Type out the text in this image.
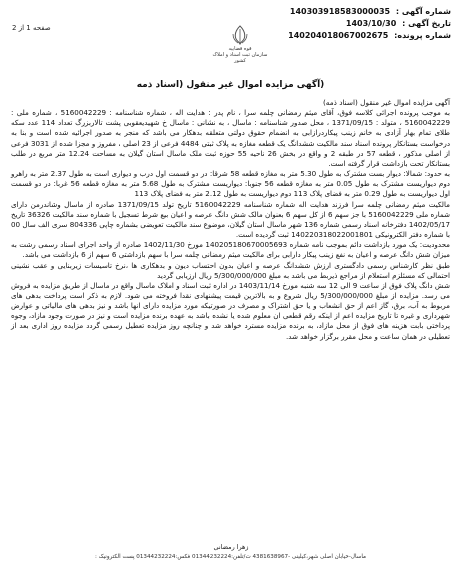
شماره آگهی : 140303918583000035
تاریخ آگهی : 1403/10/30
شماره پرونده: 140204018067002675
قوه قضاییه
سازمان ثبت اسناد و املاک کشور
صفحه 1 از 2
(آگهی مزایده اموال غیر منقول (اسناد ذمه

آگهی مزایده اموال غیر منقول (اسناد ذمه)

به موجب پرونده اجرائی کلاسه فوق، آقای میثم رمضانی چلمه سرا ، نام پدر : هدایت اله ، شماره شناسنامه : 5160042229 ، شماره ملی : 5160042229 ، متولد : 1371/09/15 ، محل صدور شناسنامه : ماسال ، به نشانی : ماسال خ شهیدیعقوبی پشت تالاربزرگ تعداد 114 عدد سکه طلای تمام بهار آزادی به خانم زینب پیکاردرازابی به انضمام حقوق دولتی متعلقه بدهکار می باشد که منجر به صدور اجرائیه شده است و بنا به درخواست بستانکار پرونده اسناد سند مالکیت ششدانگ یک قطعه مغازه به پلاک ثبتی 4484 فرعی از 23 اصلی ، مفروز و مجزا شده از 3031 فرعی از اصلی مذکور ، قطعه 57 در طبقه 2 و واقع در بخش 26 ناحیه 55 حوزه ثبت ملک ماسال استان گیلان به مساحت 12.24 متر مربع در طلب بستانکار تحت بازداشت قرار گرفته است.

به حدود: شمالا: دیوار بست مشترک به طول 5.30 متر به مغازه قطعه 58 شرقا: در دو قسمت اول درب و دیواری است به طول 2.37 متر به راهرو دوم دیواریست مشترک به طول 0.05 متر به مغازه قطعه 56 جنوبا: دیواریست مشترک به طول 5.68 متر به مغازه قطعه 56 غربا: در دو قسمت اول دیواریست به طول 0.29 متر به فضای پلاک 113 دوم دیواریست به طول 2.12 متر به فضای پلاک 113

مالکیت میثم رمضانی چلمه سرا فرزند هدایت اله شماره شناسنامه 5160042229 تاریخ تولد 1371/09/15 صادره از ماسال وشاندرمن دارای شماره ملی 5160042229 با جز سهم 6 از کل سهم 6 بعنوان مالک شش دانگ عرصه و اعیان بیع شرط تسجیل با شماره سند مالکیت 36326 تاریخ 1402/05/17 دفترخانه اسناد رسمی شماره 136 شهر ماسال استان گیلان، موضوع سند مالکیت تعویضی بشماره چاپی 804336 سری الف سال 00 با شماره دفتر الکترونیکی 140220318022001801 ثبت گردیده است.

محدودیت: یک مورد بازداشت دائم بموجب نامه شماره 140205180670005693 مورخ 1402/11/30 صادره از واحد اجرای اسناد رسمی رشت به میزان شش دانگ عرصه و اعیان به نفع زینب پیکار دارابی برای مالکیت میثم رمضانی چلمه سرا با سهم بازداشتی 6 سهم از 6 بازداشت می باشد.

طبق نظر کارشناس رسمی دادگستری ارزش ششدانگ عرصه و اعیان بدون احتساب دیون و بدهکاری ها ،نرخ تاسیسات زیربنایی و عقب نشینی احتمالی که مسئلزم استعلام از مراجع ذیربط می باشد به مبلغ 5/300/000/000 ریال ارزیابی گردید

شش دانگ پلاک فوق از ساعت 9 الی 12 سه شنبه مورخ 1403/11/14 در اداره ثبت اسناد و املاک ماسال واقع در ماسال از طریق مزایده به فروش می رسد. مزایده از مبلغ 5/300/000/000 ریال شروع و به بالاترین قیمت پیشنهادی نقدا فروخته می شود. لازم به ذکر است پرداخت بدهی های مربوط به آب، برق، گاز اعم از حق انشعاب و یا حق اشتراک و مصرف در صورتیکه مورد مزایده دارای انها باشد و نیز بدهی های مالیاتی و عوارض شهرداری و غیره تا تاریخ مزایده اعم از اینکه رقم قطعی ان معلوم شده یا نشده باشد به عهده برنده مزایده است و نیز در صورت وجود مازاد، وجوه پرداختی بابت هزینه های فوق از محل مازاد، به برنده مزایده مسترد خواهد شد و چنانچه روز مزایده تعطیل رسمی گردد مزایده روز اداری بعد از تعطیلی در همان ساعت و محل مقرر برگزار خواهد شد.

زهرا رمضانی
ماسال-خیابان اصلی شهر،کیلینی -4381638967 ت/تلفن:01344232224 فکس:01344232224 پست الکترونیک :
